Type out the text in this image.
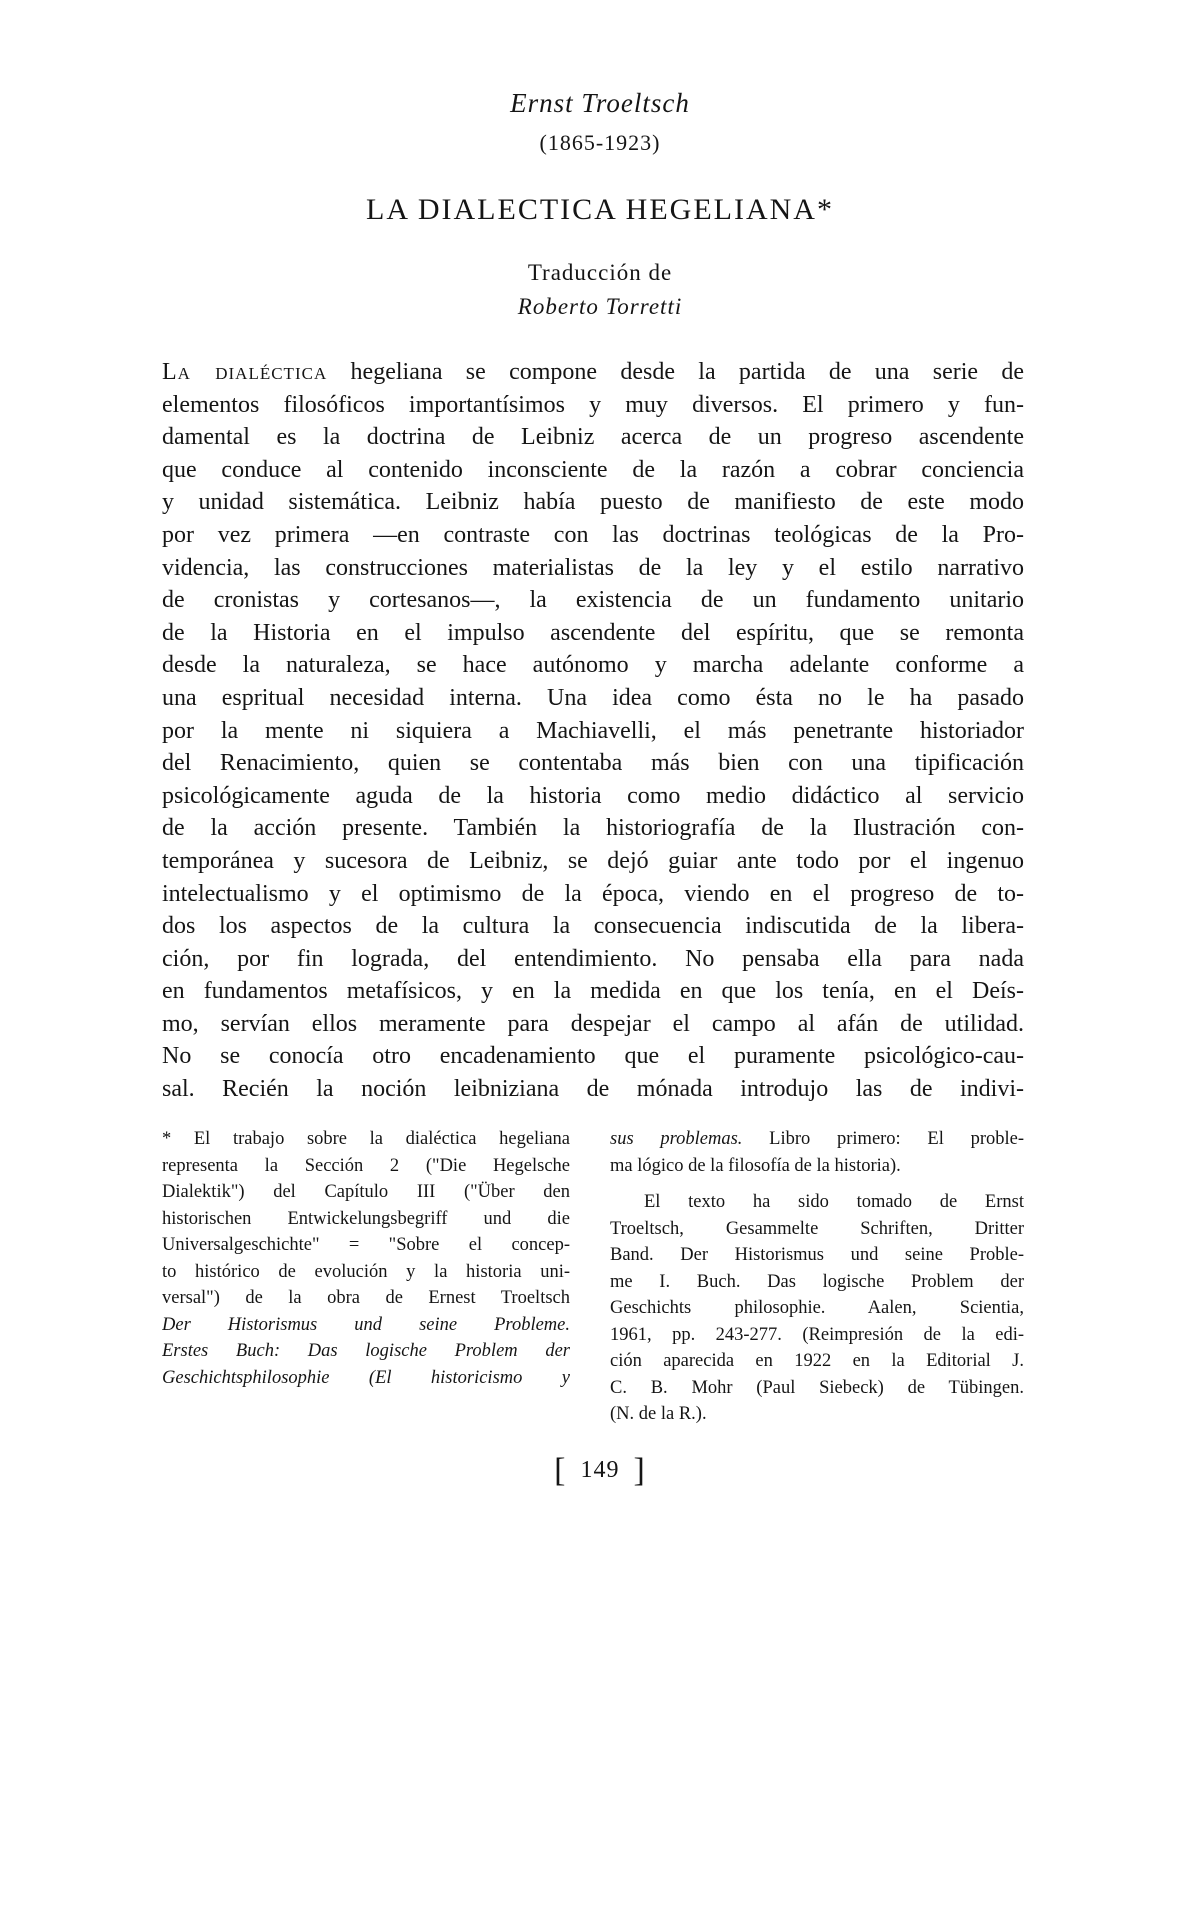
Ernst Troeltsch
(1865-1923)
LA DIALECTICA HEGELIANA*
Traducción de
Roberto Torretti
La dialéctica hegeliana se compone desde la partida de una serie de
elementos filosóficos importantísimos y muy diversos. El primero y fun-
damental es la doctrina de Leibniz acerca de un progreso ascendente
que conduce al contenido inconsciente de la razón a cobrar conciencia
y unidad sistemática. Leibniz había puesto de manifiesto de este modo
por vez primera —en contraste con las doctrinas teológicas de la Pro-
videncia, las construcciones materialistas de la ley y el estilo narrativo
de cronistas y cortesanos—, la existencia de un fundamento unitario
de la Historia en el impulso ascendente del espíritu, que se remonta
desde la naturaleza, se hace autónomo y marcha adelante conforme a
una espritual necesidad interna. Una idea como ésta no le ha pasado
por la mente ni siquiera a Machiavelli, el más penetrante historiador
del Renacimiento, quien se contentaba más bien con una tipificación
psicológicamente aguda de la historia como medio didáctico al servicio
de la acción presente. También la historiografía de la Ilustración con-
temporánea y sucesora de Leibniz, se dejó guiar ante todo por el ingenuo
intelectualismo y el optimismo de la época, viendo en el progreso de to-
dos los aspectos de la cultura la consecuencia indiscutida de la libera-
ción, por fin lograda, del entendimiento. No pensaba ella para nada
en fundamentos metafísicos, y en la medida en que los tenía, en el Deís-
mo, servían ellos meramente para despejar el campo al afán de utilidad.
No se conocía otro encadenamiento que el puramente psicológico-cau-
sal. Recién la noción leibniziana de mónada introdujo las de indivi-
* El trabajo sobre la dialéctica hegeliana
representa la Sección 2 ("Die Hegelsche
Dialektik") del Capítulo III ("Über den
historischen Entwickelungsbegriff und die
Universalgeschichte" = "Sobre el concep-
to histórico de evolución y la historia uni-
versal") de la obra de Ernest Troeltsch
Der Historismus und seine Probleme.
Erstes Buch: Das logische Problem der
Geschichtsphilosophie (El historicismo y
sus problemas. Libro primero: El proble-
ma lógico de la filosofía de la historia).
El texto ha sido tomado de Ernst
Troeltsch, Gesammelte Schriften, Dritter
Band. Der Historismus und seine Proble-
me I. Buch. Das logische Problem der
Geschichts philosophie. Aalen, Scientia,
1961, pp. 243-277. (Reimpresión de la edi-
ción aparecida en 1922 en la Editorial J.
C. B. Mohr (Paul Siebeck) de Tübingen.
(N. de la R.).
[ 149 ]
